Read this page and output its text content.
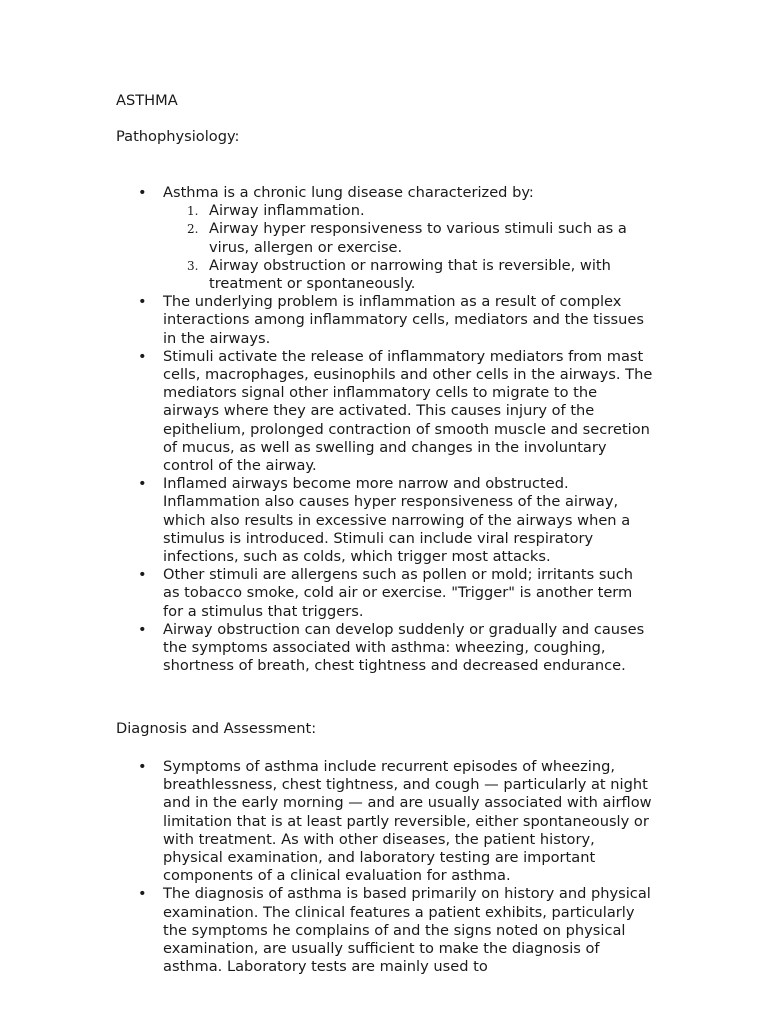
ASTHMA
Pathophysiology:
• Asthma is a chronic lung disease characterized by:
1. Airway inflammation.
2. Airway hyper responsiveness to various stimuli such as a virus, allergen or exercise.
3. Airway obstruction or narrowing that is reversible, with treatment or spontaneously.
• The underlying problem is inflammation as a result of complex interactions among inflammatory cells, mediators and the tissues in the airways.
• Stimuli activate the release of inflammatory mediators from mast cells, macrophages, eusinophils and other cells in the airways. The mediators signal other inflammatory cells to migrate to the airways where they are activated. This causes injury of the epithelium, prolonged contraction of smooth muscle and secretion of mucus, as well as swelling and changes in the involuntary control of the airway.
• Inflamed airways become more narrow and obstructed. Inflammation also causes hyper responsiveness of the airway, which also results in excessive narrowing of the airways when a stimulus is introduced. Stimuli can include viral respiratory infections, such as colds, which trigger most attacks.
• Other stimuli are allergens such as pollen or mold; irritants such as tobacco smoke, cold air or exercise. "Trigger" is another term for a stimulus that triggers.
• Airway obstruction can develop suddenly or gradually and causes the symptoms associated with asthma: wheezing, coughing, shortness of breath, chest tightness and decreased endurance.
Diagnosis and Assessment:
• Symptoms of asthma include recurrent episodes of wheezing, breathlessness, chest tightness, and cough — particularly at night and in the early morning — and are usually associated with airflow limitation that is at least partly reversible, either spontaneously or with treatment. As with other diseases, the patient history, physical examination, and laboratory testing are important components of a clinical evaluation for asthma.
• The diagnosis of asthma is based primarily on history and physical examination. The clinical features a patient exhibits, particularly the symptoms he complains of and the signs noted on physical examination, are usually sufficient to make the diagnosis of asthma. Laboratory tests are mainly used to
